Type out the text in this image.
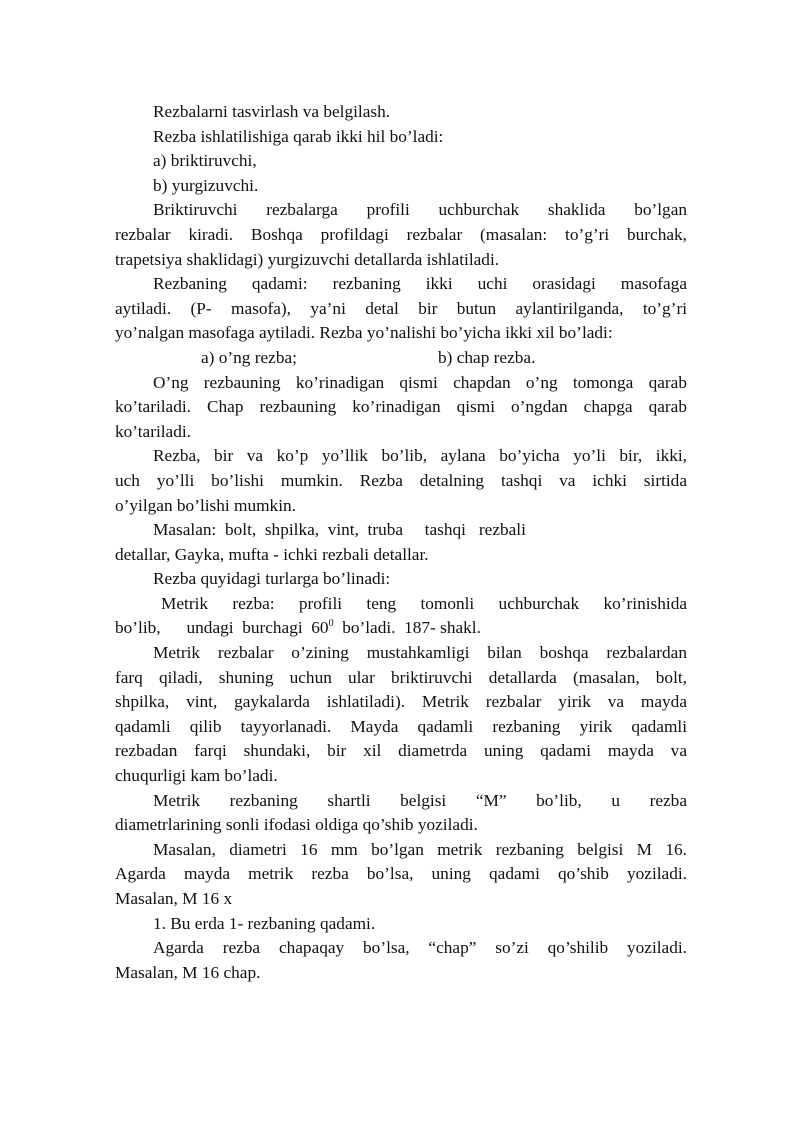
Rezbalarni tasvirlash va belgilash.
Rezba ishlatilishiga qarab ikki hil bo’ladi:
a) briktiruvchi,
b) yurgizuvchi.
Briktiruvchi rezbalarga profili uchburchak shaklida bo’lgan
rezbalar kiradi. Boshqa profildagi rezbalar (masalan: to’g’ri burchak,
trapetsiya shaklidagi) yurgizuvchi detallarda ishlatiladi.
Rezbaning qadami: rezbaning ikki uchi orasidagi masofaga
aytiladi. (P- masofa), ya’ni detal bir butun aylantirilganda, to’g’ri
yo’nalgan masofaga aytiladi. Rezba yo’nalishi bo’yicha ikki xil bo’ladi:
a) o’ng rezba;	b) chap rezba.
O’ng rezbauning ko’rinadigan qismi chapdan o’ng tomonga qarab
ko’tariladi. Chap rezbauning ko’rinadigan qismi o’ngdan chapga qarab
ko’tariladi.
Rezba, bir va ko’p yo’llik bo’lib, aylana bo’yicha yo’li bir, ikki,
uch yo’lli bo’lishi mumkin. Rezba detalning tashqi va ichki sirtida
o’yilgan bo’lishi mumkin.
Masalan:  bolt,  shpilka,  vint,  truba     tashqi   rezbali
detallar, Gayka, mufta - ichki rezbali detallar.
Rezba quyidagi turlarga bo’linadi:
Metrik rezba: profili teng tomonli uchburchak ko’rinishida
bo’lib,      undagi  burchagi  $60^0$  bo’ladi.  187- shakl.
Metrik rezbalar o’zining mustahkamligi bilan boshqa rezbalardan
farq qiladi, shuning uchun ular briktiruvchi detallarda (masalan, bolt,
shpilka, vint, gaykalarda ishlatiladi). Metrik rezbalar yirik va mayda
qadamli qilib tayyorlanadi. Mayda qadamli rezbaning yirik qadamli
rezbadan farqi shundaki, bir xil diametrda uning qadami mayda va
chuqurligi kam bo’ladi.
Metrik rezbaning shartli belgisi “M” bo’lib, u rezba
diametrlarining sonli ifodasi oldiga qo’shib yoziladi.
Masalan, diametri 16 mm bo’lgan metrik rezbaning belgisi M 16.
Agarda mayda metrik rezba bo’lsa, uning qadami qo’shib yoziladi.
Masalan, M 16 x
1. Bu erda 1- rezbaning qadami.
Agarda rezba chapaqay bo’lsa, “chap” so’zi qo’shilib yoziladi.
Masalan, M 16 chap.
